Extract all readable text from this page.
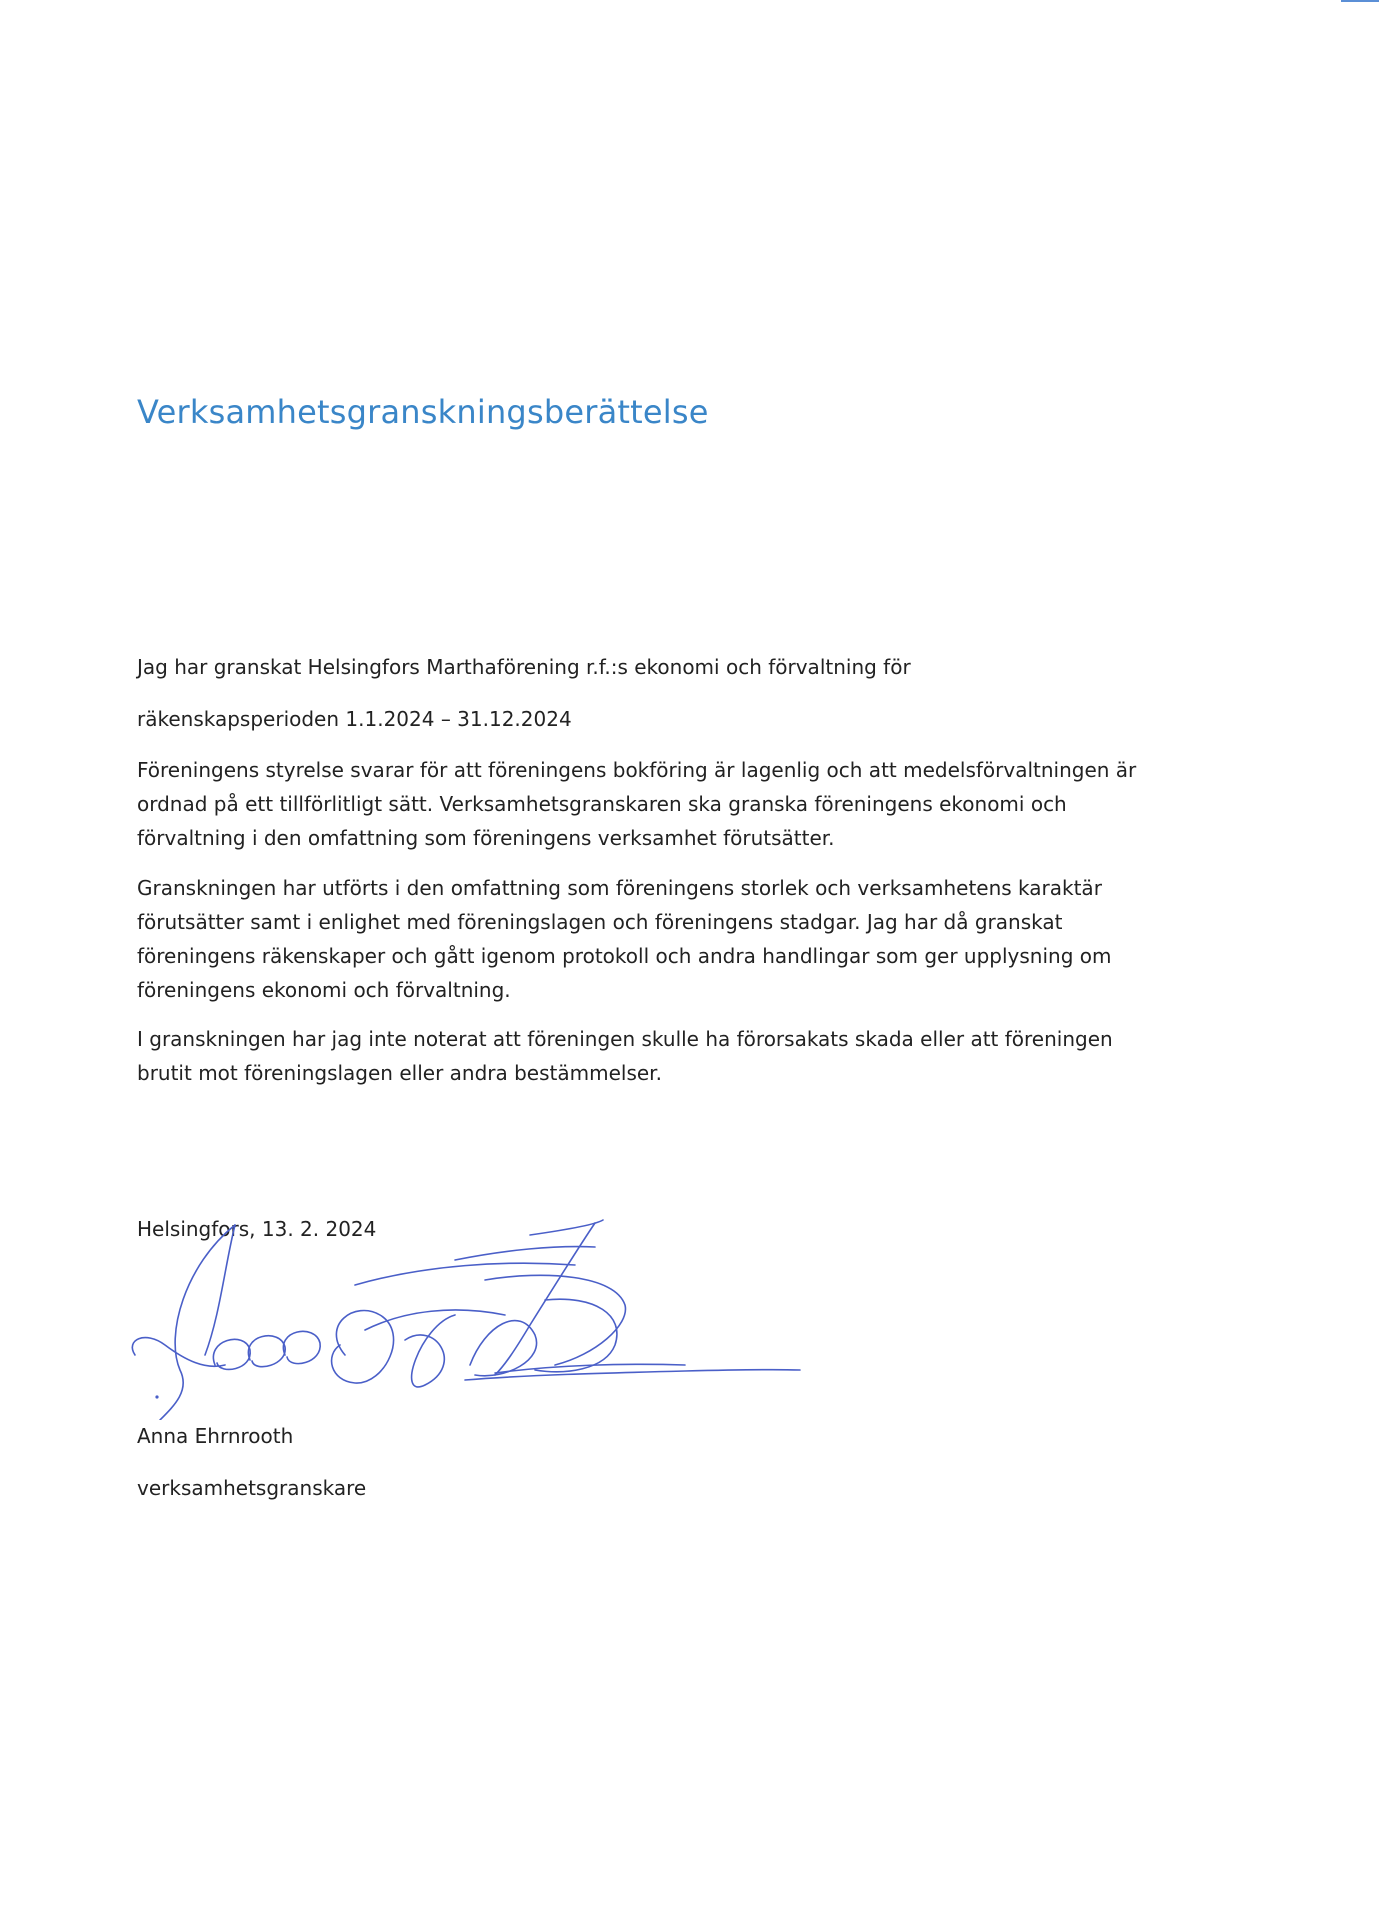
Verksamhetsgranskningsberättelse

Jag har granskat Helsingfors Marthaförening r.f.:s ekonomi och förvaltning för

räkenskapsperioden 1.1.2024 – 31.12.2024

Föreningens styrelse svarar för att föreningens bokföring är lagenlig och att medelsförvaltningen är ordnad på ett tillförlitligt sätt. Verksamhetsgranskaren ska granska föreningens ekonomi och förvaltning i den omfattning som föreningens verksamhet förutsätter.

Granskningen har utförts i den omfattning som föreningens storlek och verksamhetens karaktär förutsätter samt i enlighet med föreningslagen och föreningens stadgar. Jag har då granskat föreningens räkenskaper och gått igenom protokoll och andra handlingar som ger upplysning om föreningens ekonomi och förvaltning.

I granskningen har jag inte noterat att föreningen skulle ha förorsakats skada eller att föreningen brutit mot föreningslagen eller andra bestämmelser.

Helsingfors, 13. 2. 2024

Anna Ehrnrooth

verksamhetsgranskare
